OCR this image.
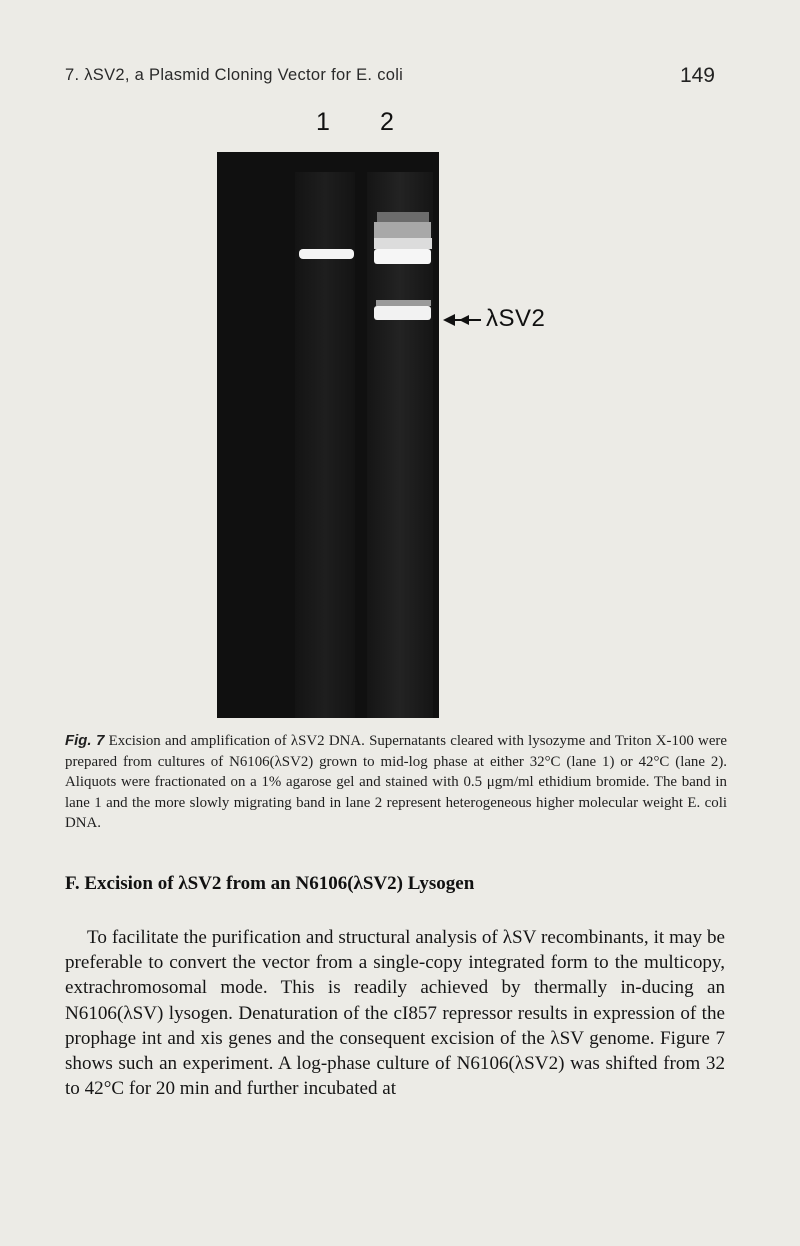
7. λSV2, a Plasmid Cloning Vector for E. coli	149
1 2
λSV2
Fig. 7 Excision and amplification of λSV2 DNA. Supernatants cleared with lysozyme and Triton X-100 were prepared from cultures of N6106(λSV2) grown to mid-log phase at either 32°C (lane 1) or 42°C (lane 2). Aliquots were fractionated on a 1% agarose gel and stained with 0.5 μgm/ml ethidium bromide. The band in lane 1 and the more slowly migrating band in lane 2 represent heterogeneous higher molecular weight E. coli DNA.
F. Excision of λSV2 from an N6106(λSV2) Lysogen

To facilitate the purification and structural analysis of λSV recombinants, it may be preferable to convert the vector from a single-copy integrated form to the multicopy, extrachromosomal mode. This is readily achieved by thermally in-ducing an N6106(λSV) lysogen. Denaturation of the cI857 repressor results in expression of the prophage int and xis genes and the consequent excision of the λSV genome. Figure 7 shows such an experiment. A log-phase culture of N6106(λSV2) was shifted from 32 to 42°C for 20 min and further incubated at
